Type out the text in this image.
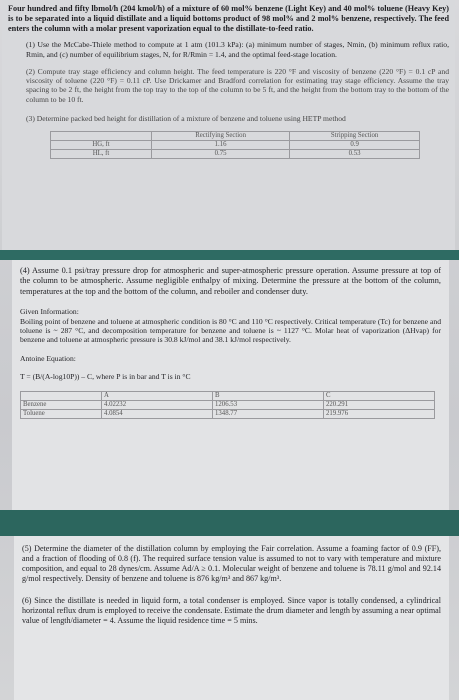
Four hundred and fifty lbmol/h (204 kmol/h) of a mixture of 60 mol% benzene (Light Key) and 40 mol% toluene (Heavy Key) is to be separated into a liquid distillate and a liquid bottoms product of 98 mol% and 2 mol% benzene, respectively. The feed enters the column with a molar present vaporization equal to the distillate-to-feed ratio.

(1) Use the McCabe-Thiele method to compute at 1 atm (101.3 kPa): (a) minimum number of stages, Nmin, (b) minimum reflux ratio, Rmin, and (c) number of equilibrium stages, N, for R/Rmin = 1.4, and the optimal feed-stage location.

(2) Compute tray stage efficiency and column height. The feed temperature is 220 °F and viscosity of benzene (220 °F) = 0.1 cP and viscosity of toluene (220 °F) = 0.11 cP. Use Drickamer and Bradford correlation for estimating tray stage efficiency. Assume the tray spacing to be 2 ft, the height from the top tray to the top of the column to be 5 ft, and the height from the bottom tray to the bottom of the column to be 10 ft.

(3) Determine packed bed height for distillation of a mixture of benzene and toluene using HETP method

	Rectifying Section	Stripping Section
HG, ft	1.16	0.9
HL, ft	0.75	0.53

(4) Assume 0.1 psi/tray pressure drop for atmospheric and super-atmospheric pressure operation. Assume pressure at top of the column to be atmospheric. Assume negligible enthalpy of mixing. Determine the pressure at the bottom of the column, temperatures at the top and the bottom of the column, and reboiler and condenser duty.

Given Information:

Boiling point of benzene and toluene at atmospheric condition is 80 °C and 110 °C respectively. Critical temperature (Tc) for benzene and toluene is ~ 287 °C, and decomposition temperature for benzene and toluene is ~ 1127 °C. Molar heat of vaporization (ΔHvap) for benzene and toluene at atmospheric pressure is 30.8 kJ/mol and 38.1 kJ/mol respectively.

Antoine Equation:

T = (B/(A-log10P)) – C, where P is in bar and T is in °C

	A	B	C
Benzene	4.02232	1206.53	220.291
Toluene	4.0854	1348.77	219.976

(5) Determine the diameter of the distillation column by employing the Fair correlation. Assume a foaming factor of 0.9 (FF), and a fraction of flooding of 0.8 (f). The required surface tension value is assumed to not to vary with temperature and mixture composition, and equal to 28 dynes/cm. Assume Ad/A ≥ 0.1. Molecular weight of benzene and toluene is 78.11 g/mol and 92.14 g/mol respectively. Density of benzene and toluene is 876 kg/m³ and 867 kg/m³.

(6) Since the distillate is needed in liquid form, a total condenser is employed. Since vapor is totally condensed, a cylindrical horizontal reflux drum is employed to receive the condensate. Estimate the drum diameter and length by assuming a near optimal value of length/diameter = 4. Assume the liquid residence time = 5 mins.
